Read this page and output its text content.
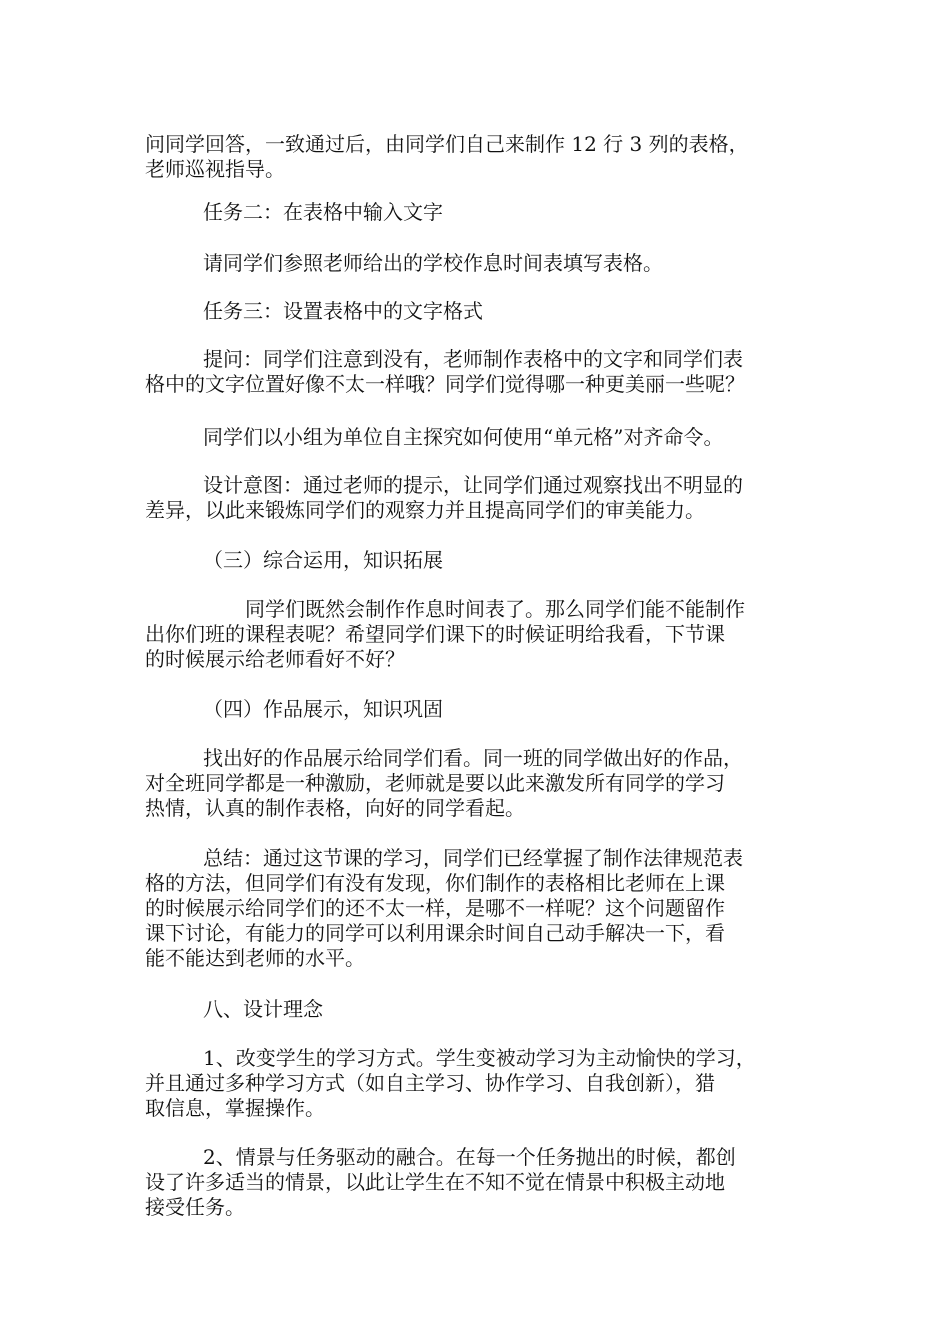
问同学回答，一致通过后，由同学们自己来制作 12 行 3 列的表格，
老师巡视指导。

任务二：在表格中输入文字

请同学们参照老师给出的学校作息时间表填写表格。

任务三：设置表格中的文字格式

提问：同学们注意到没有，老师制作表格中的文字和同学们表
格中的文字位置好像不太一样哦？同学们觉得哪一种更美丽一些呢？

同学们以小组为单位自主探究如何使用“单元格”对齐命令。

设计意图：通过老师的提示，让同学们通过观察找出不明显的
差异，以此来锻炼同学们的观察力并且提高同学们的审美能力。

（三）综合运用，知识拓展

同学们既然会制作作息时间表了。那么同学们能不能制作
出你们班的课程表呢？希望同学们课下的时候证明给我看，下节课
的时候展示给老师看好不好？

（四）作品展示，知识巩固

找出好的作品展示给同学们看。同一班的同学做出好的作品，
对全班同学都是一种激励，老师就是要以此来激发所有同学的学习
热情，认真的制作表格，向好的同学看起。

总结：通过这节课的学习，同学们已经掌握了制作法律规范表
格的方法，但同学们有没有发现，你们制作的表格相比老师在上课
的时候展示给同学们的还不太一样，是哪不一样呢？这个问题留作
课下讨论，有能力的同学可以利用课余时间自己动手解决一下，看
能不能达到老师的水平。

八、设计理念

1、改变学生的学习方式。学生变被动学习为主动愉快的学习，
并且通过多种学习方式（如自主学习、协作学习、自我创新），猎
取信息，掌握操作。

2、情景与任务驱动的融合。在每一个任务抛出的时候，都创
设了许多适当的情景，以此让学生在不知不觉在情景中积极主动地
接受任务。
